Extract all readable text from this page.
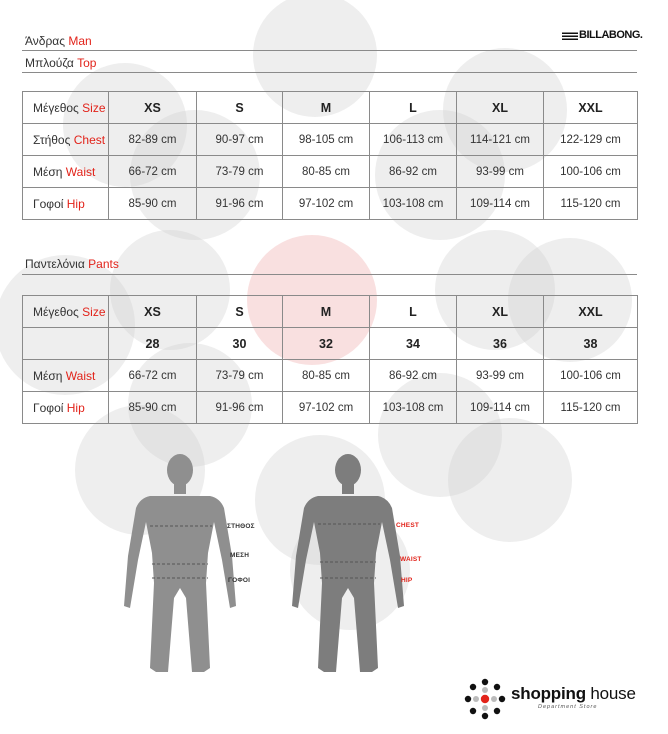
Άνδρας Man	BILLABONG.
Μπλούζα Top
Μέγεθος Size	XS	S	M	L	XL	XXL
Στήθος Chest	82-89 cm	90-97 cm	98-105 cm	106-113 cm	114-121 cm	122-129 cm
Μέση Waist	66-72 cm	73-79 cm	80-85 cm	86-92 cm	93-99 cm	100-106 cm
Γοφοί Hip	85-90 cm	91-96 cm	97-102 cm	103-108 cm	109-114 cm	115-120 cm
Παντελόνια Pants
Μέγεθος Size	XS	S	M	L	XL	XXL
	28	30	32	34	36	38
Μέση Waist	66-72 cm	73-79 cm	80-85 cm	86-92 cm	93-99 cm	100-106 cm
Γοφοί Hip	85-90 cm	91-96 cm	97-102 cm	103-108 cm	109-114 cm	115-120 cm
ΣΤΗΘΟΣ
ΜΕΣΗ
ΓΟΦΟΙ
CHEST
WAIST
HIP
shopping house
Department Store
